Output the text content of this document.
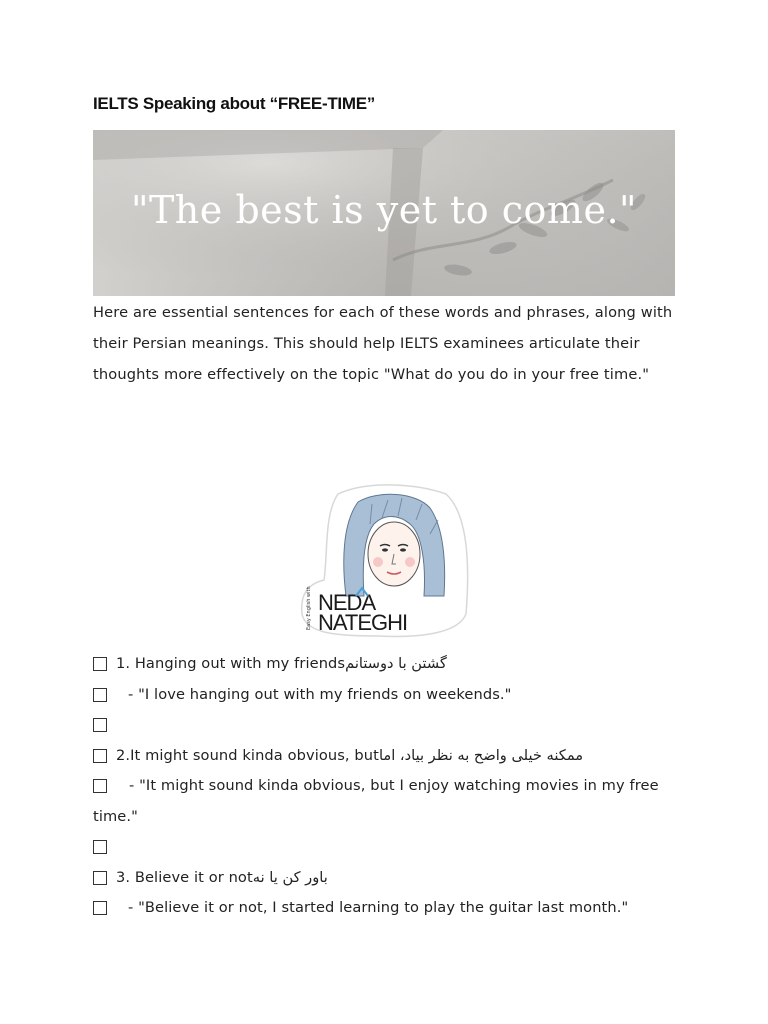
IELTS Speaking about “FREE-TIME”
"The best is yet to come."
Here are essential sentences for each of these words and phrases, along with their Persian meanings. This should help IELTS examinees articulate their thoughts more effectively on the topic "What do you do in your free time."
NEDA
NATEGHI
Easy English with
1. Hanging out with my friendsگشتن با دوستانم
- "I love hanging out with my friends on weekends."
2.It might sound kinda obvious, butممکنه خیلی واضح به نظر بیاد، اما
- "It might sound kinda obvious, but I enjoy watching movies in my free time."
3. Believe it or notباور کن یا نه
- "Believe it or not, I started learning to play the guitar last month."
